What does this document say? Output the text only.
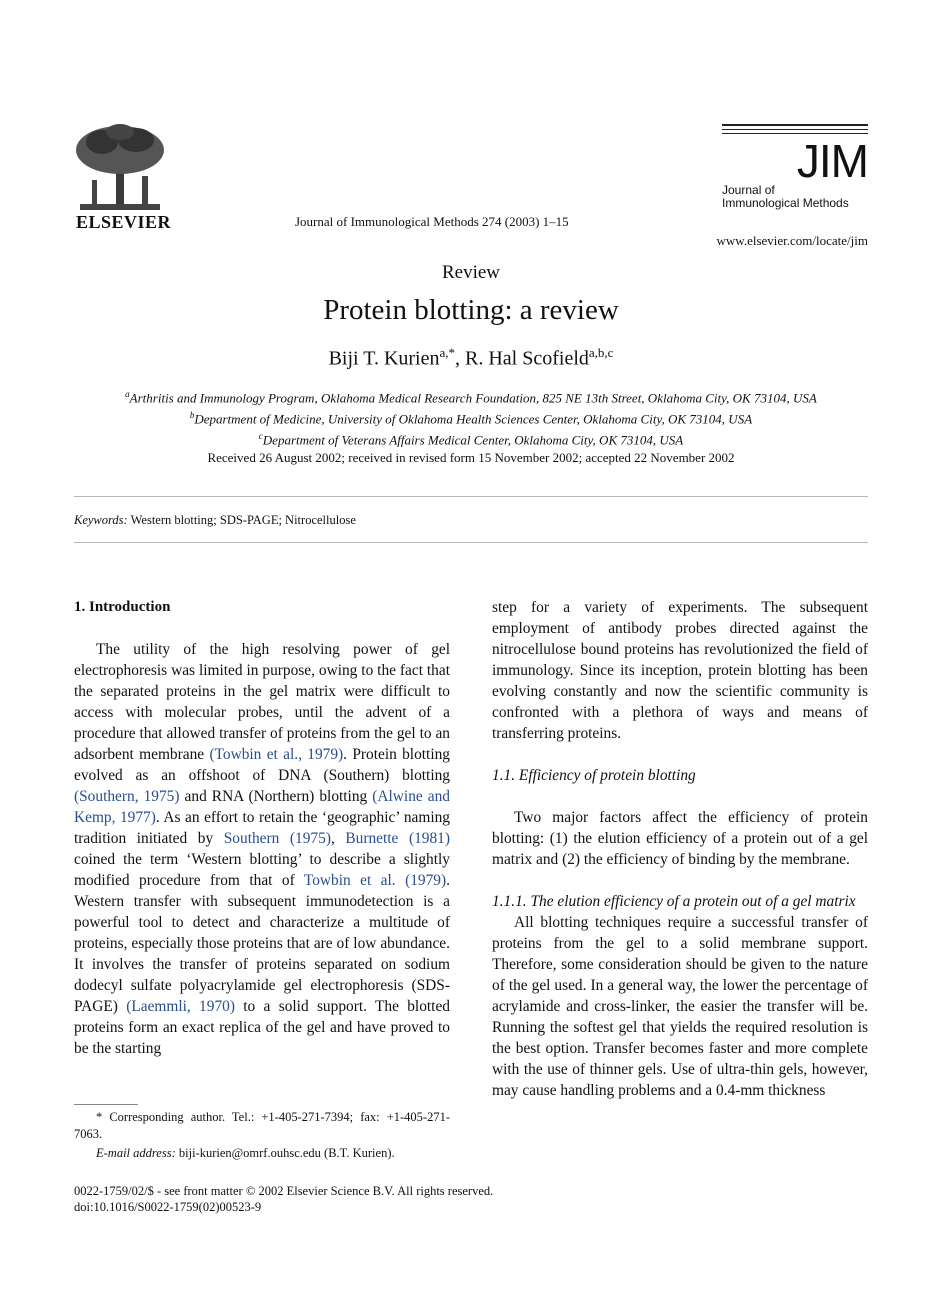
ELSEVIER	Journal of Immunological Methods 274 (2003) 1–15
JIM
Journal of
Immunological Methods
www.elsevier.com/locate/jim
Review
Protein blotting: a review
Biji T. Kurien$^{a,*}$, R. Hal Scofield$^{a,b,c}$
$^a$Arthritis and Immunology Program, Oklahoma Medical Research Foundation, 825 NE 13th Street, Oklahoma City, OK 73104, USA
$^b$Department of Medicine, University of Oklahoma Health Sciences Center, Oklahoma City, OK 73104, USA
$^c$Department of Veterans Affairs Medical Center, Oklahoma City, OK 73104, USA
Received 26 August 2002; received in revised form 15 November 2002; accepted 22 November 2002
Keywords: Western blotting; SDS-PAGE; Nitrocellulose

1. Introduction

The utility of the high resolving power of gel electrophoresis was limited in purpose, owing to the fact that the separated proteins in the gel matrix were difficult to access with molecular probes, until the advent of a procedure that allowed transfer of proteins from the gel to an adsorbent membrane (Towbin et al., 1979). Protein blotting evolved as an offshoot of DNA (Southern) blotting (Southern, 1975) and RNA (Northern) blotting (Alwine and Kemp, 1977). As an effort to retain the ‘geographic’ naming tradition initiated by Southern (1975), Burnette (1981) coined the term ‘Western blotting’ to describe a slightly modified procedure from that of Towbin et al. (1979). Western transfer with subsequent immunodetection is a powerful tool to detect and characterize a multitude of proteins, especially those proteins that are of low abundance. It involves the transfer of proteins separated on sodium dodecyl sulfate polyacrylamide gel electrophoresis (SDS-PAGE) (Laemmli, 1970) to a solid support. The blotted proteins form an exact replica of the gel and have proved to be the starting

* Corresponding author. Tel.: +1-405-271-7394; fax: +1-405-271-7063.
E-mail address: biji-kurien@omrf.ouhsc.edu (B.T. Kurien).

step for a variety of experiments. The subsequent employment of antibody probes directed against the nitrocellulose bound proteins has revolutionized the field of immunology. Since its inception, protein blotting has been evolving constantly and now the scientific community is confronted with a plethora of ways and means of transferring proteins.

1.1. Efficiency of protein blotting

Two major factors affect the efficiency of protein blotting: (1) the elution efficiency of a protein out of a gel matrix and (2) the efficiency of binding by the membrane.

1.1.1. The elution efficiency of a protein out of a gel matrix

All blotting techniques require a successful transfer of proteins from the gel to a solid membrane support. Therefore, some consideration should be given to the nature of the gel used. In a general way, the lower the percentage of acrylamide and cross-linker, the easier the transfer will be. Running the softest gel that yields the required resolution is the best option. Transfer becomes faster and more complete with the use of thinner gels. Use of ultra-thin gels, however, may cause handling problems and a 0.4-mm thickness

0022-1759/02/$ - see front matter © 2002 Elsevier Science B.V. All rights reserved.
doi:10.1016/S0022-1759(02)00523-9
